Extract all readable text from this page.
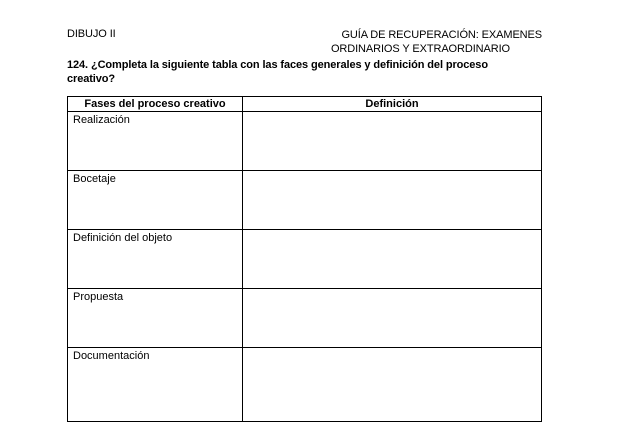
DIBUJO II	GUÍA DE RECUPERACIÓN: EXAMENES
ORDINARIOS Y EXTRAORDINARIO
124. ¿Completa la siguiente tabla con las faces generales y definición del proceso creativo?
Fases del proceso creativo	Definición
Realización	
Bocetaje	
Definición del objeto	
Propuesta	
Documentación	
